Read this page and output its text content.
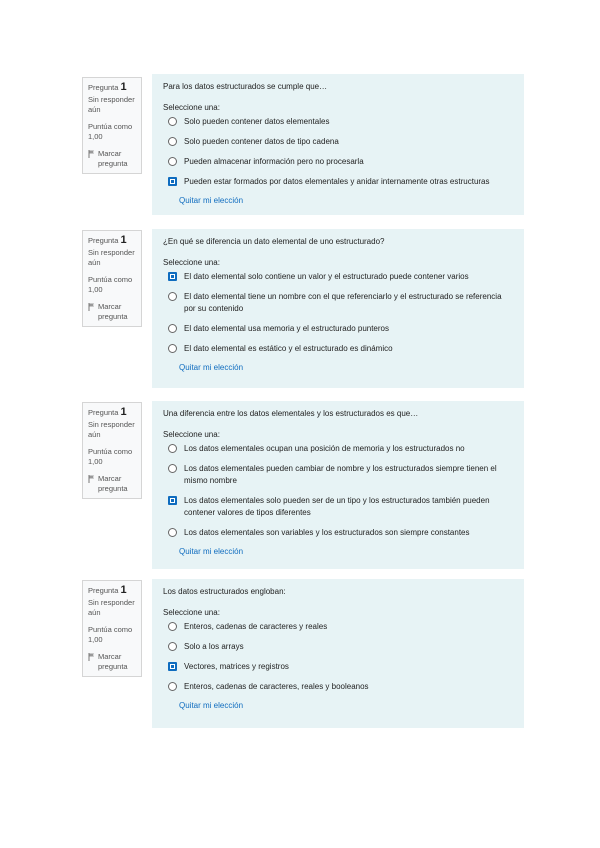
Pregunta 1
Sin responder aún
Puntúa como 1,00
Marcar pregunta
Para los datos estructurados se cumple que…
Seleccione una:
Solo pueden contener datos elementales
Solo pueden contener datos de tipo cadena
Pueden almacenar información pero no procesarla
Pueden estar formados por datos elementales y anidar internamente otras estructuras
Quitar mi elección
Pregunta 1
Sin responder aún
Puntúa como 1,00
Marcar pregunta
¿En qué se diferencia un dato elemental de uno estructurado?
Seleccione una:
El dato elemental solo contiene un valor y el estructurado puede contener varios
El dato elemental tiene un nombre con el que referenciarlo y el estructurado se referencia por su contenido
El dato elemental usa memoria y el estructurado punteros
El dato elemental es estático y el estructurado es dinámico
Quitar mi elección
Pregunta 1
Sin responder aún
Puntúa como 1,00
Marcar pregunta
Una diferencia entre los datos elementales y los estructurados es que…
Seleccione una:
Los datos elementales ocupan una posición de memoria y los estructurados no
Los datos elementales pueden cambiar de nombre y los estructurados siempre tienen el mismo nombre
Los datos elementales solo pueden ser de un tipo y los estructurados también pueden contener valores de tipos diferentes
Los datos elementales son variables y los estructurados son siempre constantes
Quitar mi elección
Pregunta 1
Sin responder aún
Puntúa como 1,00
Marcar pregunta
Los datos estructurados engloban:
Seleccione una:
Enteros, cadenas de caracteres y reales
Solo a los arrays
Vectores, matrices y registros
Enteros, cadenas de caracteres, reales y booleanos
Quitar mi elección
